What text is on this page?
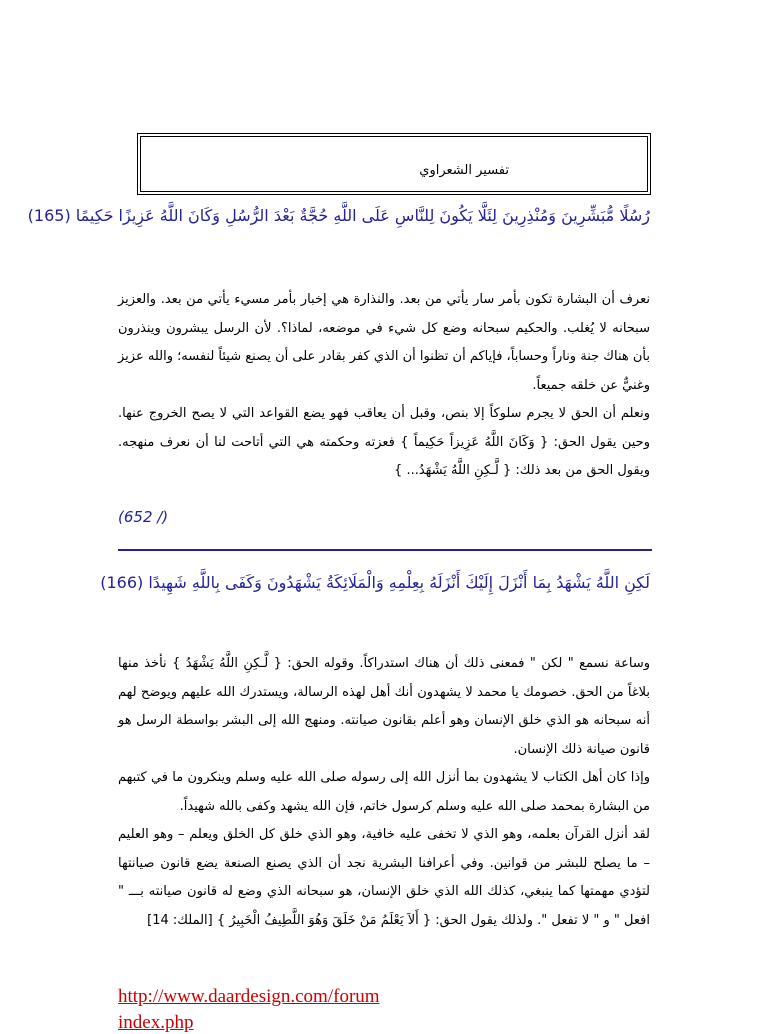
تفسير الشعراوي
رُسُلًا مُّبَشِّرِينَ وَمُنْذِرِينَ لِئَلَّا يَكُونَ لِلنَّاسِ عَلَى اللَّهِ حُجَّةٌ بَعْدَ الرُّسُلِ وَكَانَ اللَّهُ عَزِيزًا حَكِيمًا (165)

نعرف أن البشارة تكون بأمر سار يأتي من بعد. والنذارة هي إخبار بأمر مسيء يأتي من بعد. والعزيز سبحانه لا يُغلب. والحكيم سبحانه وضع كل شيء في موضعه، لماذا؟. لأن الرسل يبشرون وينذرون بأن هناك جنة وناراً وحساباً، فإياكم أن تظنوا أن الذي كفر بقادر على أن يصنع شيئاً لنفسه؛ والله عزيز وغنيٌّ عن خلقه جميعاً.

ونعلم أن الحق لا يجرم سلوكاً إلا بنص، وقبل أن يعاقب فهو يضع القواعد التي لا يصح الخروج عنها. وحين يقول الحق: { وَكَانَ اللَّهُ عَزِيزاً حَكِيماً } فعزته وحكمته هي التي أتاحت لنا أن نعرف منهجه. ويقول الحق من بعد ذلك: { لَّـكِنِ اللَّهُ يَشْهَدُ... }

(652 /)
لَكِنِ اللَّهُ يَشْهَدُ بِمَا أَنْزَلَ إِلَيْكَ أَنْزَلَهُ بِعِلْمِهِ وَالْمَلَائِكَةُ يَشْهَدُونَ وَكَفَى بِاللَّهِ شَهِيدًا (166)

وساعة نسمع " لكن " فمعنى ذلك أن هناك استدراكاً. وقوله الحق: { لَّـكِنِ اللَّهُ يَشْهَدُ } نأخذ منها بلاغاً من الحق. خصومك يا محمد لا يشهدون أنك أهل لهذه الرسالة، ويستدرك الله عليهم ويوضح لهم أنه سبحانه هو الذي خلق الإنسان وهو أعلم بقانون صيانته. ومنهج الله إلى البشر بواسطة الرسل هو قانون صيانة ذلك الإنسان.

وإذا كان أهل الكتاب لا يشهدون بما أنزل الله إلى رسوله صلى الله عليه وسلم وينكرون ما في كتبهم من البشارة بمحمد صلى الله عليه وسلم كرسول خاتم، فإن الله يشهد وكفى بالله شهيداً.

لقد أنزل القرآن بعلمه، وهو الذي لا تخفى عليه خافية، وهو الذي خلق كل الخلق ويعلم – وهو العليم – ما يصلح للبشر من قوانين. وفي أعرافنا البشرية نجد أن الذي يصنع الصنعة يضع قانون صيانتها لتؤدي مهمتها كما ينبغي، كذلك الله الذي خلق الإنسان، هو سبحانه الذي وضع له قانون صيانته بـــ " افعل " و " لا تفعل ". ولذلك يقول الحق: { أَلاَ يَعْلَمُ مَنْ خَلَقَ وَهُوَ اللَّطِيفُ الْخَبِيرُ } [الملك: 14]

http://www.daardesign.com/forum
index.php
